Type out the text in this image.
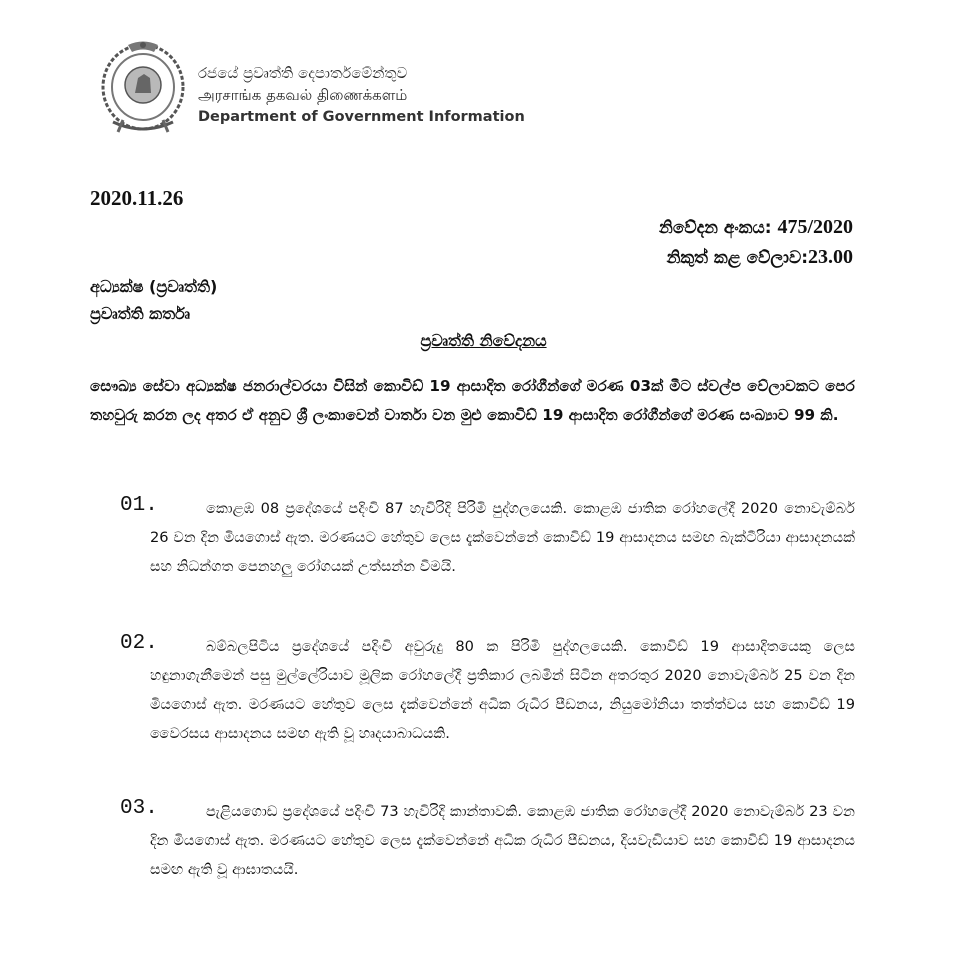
රජයේ ප්‍රවෘත්ති දෙපාර්තමේන්තුව
அரசாங்க தகவல் திணைக்களம்
Department of Government Information
2020.11.26
නිවේදන අංකය: 475/2020
නිකුත් කළ වේලාව:23.00
අධ්‍යක්ෂ (ප්‍රවෘත්ති)
ප්‍රවෘත්ති කර්තෘ
ප්‍රවෘත්ති නිවේදනය
සෞඛ්‍ය සේවා අධ්‍යක්ෂ ජනරාල්වරයා විසින් කොවිඩ් 19 ආසාදිත රෝගීන්ගේ මරණ 03ක් මීට ස්වල්ප වේලාවකට පෙර තහවුරු කරන ලද අතර ඒ අනුව ශ්‍රී ලංකාවෙන් වාර්තා වන මුළු කොවිඩ් 19 ආසාදිත රෝගීන්ගේ මරණ සංඛ්‍යාව 99 කි.
01.	කොළඹ 08 ප්‍රදේශයේ පදිංචි 87 හැවිරිදි පිරිමි පුද්ගලයෙකි. කොළඹ ජාතික රෝහලේදී 2020 නොවැම්බර් 26 වන දින මියගොස් ඇත. මරණයට හේතුව ලෙස දැක්වෙන්නේ කොවිඩ් 19 ආසාදනය සමඟ බැක්ටීරියා ආසාදනයක් සහ නිධන්ගත පෙනහලු රෝගයක් උත්සන්න වීමයි.
02.	බම්බලපිටිය ප්‍රදේශයේ පදිංචි අවුරුදු 80 ක පිරිමි පුද්ගලයෙකි. කොවිඩ් 19 ආසාදිතයෙකු ලෙස හඳුනාගැනීමෙන් පසු මුල්ලේරියාව මූලික රෝහලේදී ප්‍රතිකාර ලබමින් සිටින අතරතුර 2020 නොවැම්බර් 25 වන දින මියගොස් ඇත. මරණයට හේතුව ලෙස දැක්වෙන්නේ අධික රුධිර පීඩනය, නියුමෝනියා තත්ත්වය සහ කොවිඩ් 19 වෛරසය ආසාදනය සමඟ ඇති වූ හෘදයාබාධයකි.
03.	පැළියගොඩ ප්‍රදේශයේ පදිංචි 73 හැවිරිදි කාන්තාවකි. කොළඹ ජාතික රෝහලේදී 2020 නොවැම්බර් 23 වන දින මියගොස් ඇත. මරණයට හේතුව ලෙස දැක්වෙන්නේ අධික රුධිර පීඩනය, දියවැඩියාව සහ කොවිඩ් 19 ආසාදනය සමඟ ඇති වූ ආඝාතයයි.
